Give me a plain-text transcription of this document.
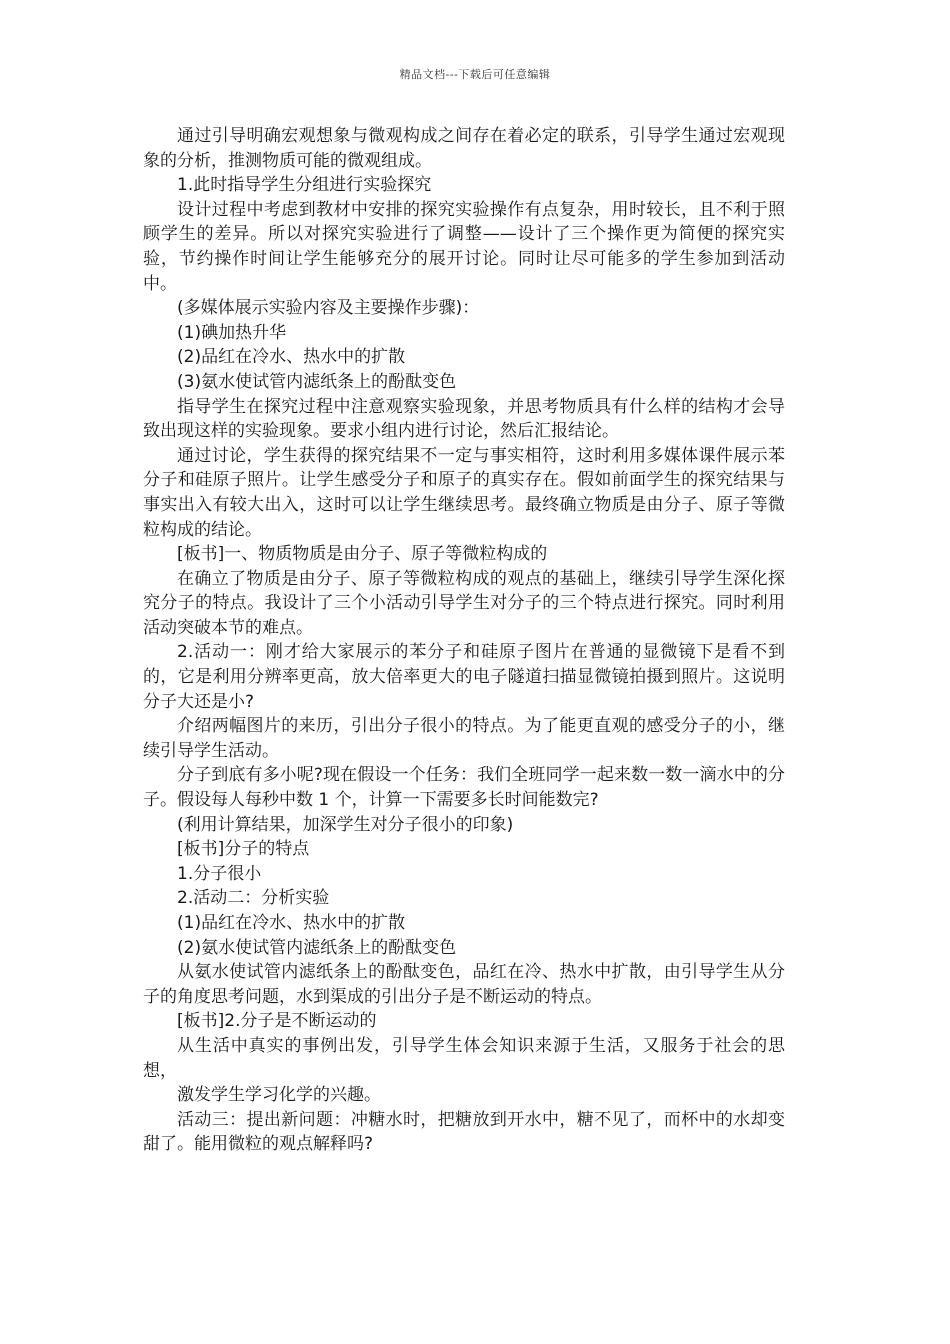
精品文档---下载后可任意编辑

通过引导明确宏观想象与微观构成之间存在着必定的联系，引导学生通过宏观现象的分析，推测物质可能的微观组成。

1.此时指导学生分组进行实验探究

设计过程中考虑到教材中安排的探究实验操作有点复杂，用时较长，且不利于照顾学生的差异。所以对探究实验进行了调整——设计了三个操作更为简便的探究实验，节约操作时间让学生能够充分的展开讨论。同时让尽可能多的学生参加到活动中。

(多媒体展示实验内容及主要操作步骤)：

(1)碘加热升华

(2)品红在冷水、热水中的扩散

(3)氨水使试管内滤纸条上的酚酞变色

指导学生在探究过程中注意观察实验现象，并思考物质具有什么样的结构才会导致出现这样的实验现象。要求小组内进行讨论，然后汇报结论。

通过讨论，学生获得的探究结果不一定与事实相符，这时利用多媒体课件展示苯分子和硅原子照片。让学生感受分子和原子的真实存在。假如前面学生的探究结果与事实出入有较大出入，这时可以让学生继续思考。最终确立物质是由分子、原子等微粒构成的结论。

[板书]一、物质物质是由分子、原子等微粒构成的

在确立了物质是由分子、原子等微粒构成的观点的基础上，继续引导学生深化探究分子的特点。我设计了三个小活动引导学生对分子的三个特点进行探究。同时利用活动突破本节的难点。

2.活动一：刚才给大家展示的苯分子和硅原子图片在普通的显微镜下是看不到的，它是利用分辨率更高，放大倍率更大的电子隧道扫描显微镜拍摄到照片。这说明分子大还是小?

介绍两幅图片的来历，引出分子很小的特点。为了能更直观的感受分子的小，继续引导学生活动。

分子到底有多小呢?现在假设一个任务：我们全班同学一起来数一数一滴水中的分子。假设每人每秒中数 1 个，计算一下需要多长时间能数完?

(利用计算结果，加深学生对分子很小的印象)

[板书]分子的特点

1.分子很小

2.活动二：分析实验

(1)品红在冷水、热水中的扩散

(2)氨水使试管内滤纸条上的酚酞变色

从氨水使试管内滤纸条上的酚酞变色，品红在冷、热水中扩散，由引导学生从分子的角度思考问题，水到渠成的引出分子是不断运动的特点。

[板书]2.分子是不断运动的

从生活中真实的事例出发，引导学生体会知识来源于生活，又服务于社会的思想，

激发学生学习化学的兴趣。

活动三：提出新问题：冲糖水时，把糖放到开水中，糖不见了，而杯中的水却变甜了。能用微粒的观点解释吗?
